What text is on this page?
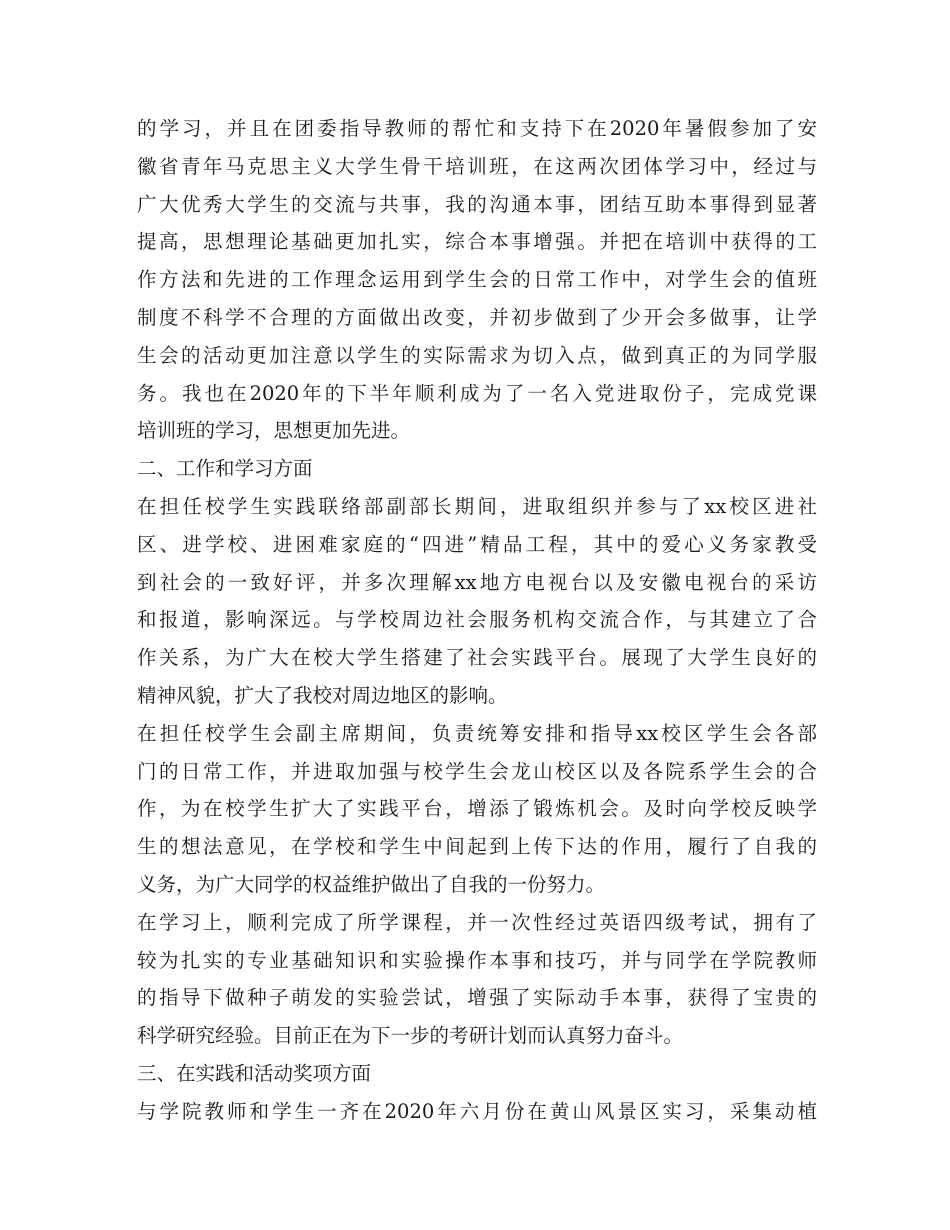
的学习，并且在团委指导教师的帮忙和支持下在2020年暑假参加了安
徽省青年马克思主义大学生骨干培训班，在这两次团体学习中，经过与
广大优秀大学生的交流与共事，我的沟通本事，团结互助本事得到显著
提高，思想理论基础更加扎实，综合本事增强。并把在培训中获得的工
作方法和先进的工作理念运用到学生会的日常工作中，对学生会的值班
制度不科学不合理的方面做出改变，并初步做到了少开会多做事，让学
生会的活动更加注意以学生的实际需求为切入点，做到真正的为同学服
务。我也在2020年的下半年顺利成为了一名入党进取份子，完成党课
培训班的学习，思想更加先进。
二、工作和学习方面
在担任校学生实践联络部副部长期间，进取组织并参与了xx校区进社
区、进学校、进困难家庭的“四进”精品工程，其中的爱心义务家教受
到社会的一致好评，并多次理解xx地方电视台以及安徽电视台的采访
和报道，影响深远。与学校周边社会服务机构交流合作，与其建立了合
作关系，为广大在校大学生搭建了社会实践平台。展现了大学生良好的
精神风貌，扩大了我校对周边地区的影响。
在担任校学生会副主席期间，负责统筹安排和指导xx校区学生会各部
门的日常工作，并进取加强与校学生会龙山校区以及各院系学生会的合
作，为在校学生扩大了实践平台，增添了锻炼机会。及时向学校反映学
生的想法意见，在学校和学生中间起到上传下达的作用，履行了自我的
义务，为广大同学的权益维护做出了自我的一份努力。
在学习上，顺利完成了所学课程，并一次性经过英语四级考试，拥有了
较为扎实的专业基础知识和实验操作本事和技巧，并与同学在学院教师
的指导下做种子萌发的实验尝试，增强了实际动手本事，获得了宝贵的
科学研究经验。目前正在为下一步的考研计划而认真努力奋斗。
三、在实践和活动奖项方面
与学院教师和学生一齐在2020年六月份在黄山风景区实习，采集动植
